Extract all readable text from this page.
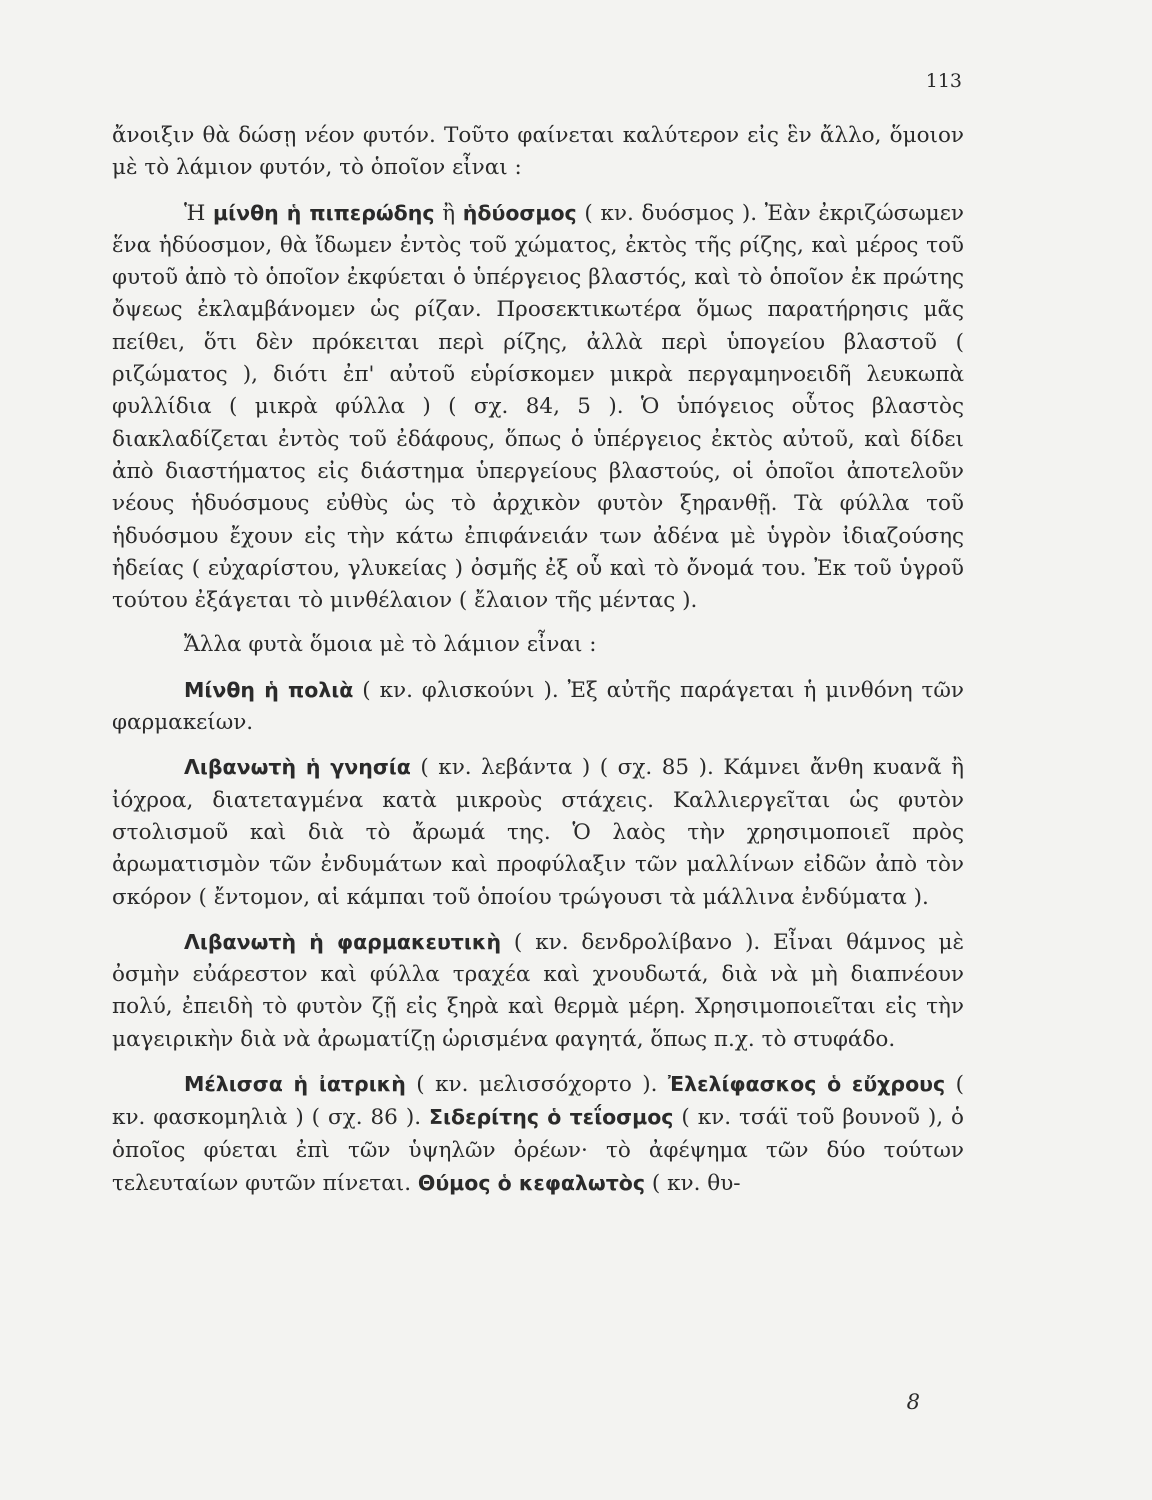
113

ἄνοιξιν θὰ δώσῃ νέον φυτόν. Τοῦτο φαίνεται καλύτερον εἰς ἓν ἄλλο, ὅμοιον μὲ τὸ λάμιον φυτόν, τὸ ὁποῖον εἶναι :

Ἡ μίνθη ἡ πιπερώδης ἢ ἡδύοσμος ( κν. δυόσμος ). Ἐὰν ἐκριζώσωμεν ἕνα ἡδύοσμον, θὰ ἴδωμεν ἐντὸς τοῦ χώματος, ἐκτὸς τῆς ρίζης, καὶ μέρος τοῦ φυτοῦ ἀπὸ τὸ ὁποῖον ἐκφύεται ὁ ὑπέργειος βλαστός, καὶ τὸ ὁποῖον ἐκ πρώτης ὄψεως ἐκλαμβάνομεν ὡς ρίζαν. Προσεκτικωτέρα ὅμως παρατήρησις μᾶς πείθει, ὅτι δὲν πρόκειται περὶ ρίζης, ἀλλὰ περὶ ὑπογείου βλαστοῦ ( ριζώματος ), διότι ἐπ' αὐτοῦ εὑρίσκομεν μικρὰ περγαμηνοειδῆ λευκωπὰ φυλλίδια ( μικρὰ φύλλα ) ( σχ. 84, 5 ). Ὁ ὑπόγειος οὗτος βλαστὸς διακλαδίζεται ἐντὸς τοῦ ἐδάφους, ὅπως ὁ ὑπέργειος ἐκτὸς αὐτοῦ, καὶ δίδει ἀπὸ διαστήματος εἰς διάστημα ὑπεργείους βλαστούς, οἱ ὁποῖοι ἀποτελοῦν νέους ἡδυόσμους εὐθὺς ὡς τὸ ἀρχικὸν φυτὸν ξηρανθῇ. Τὰ φύλλα τοῦ ἡδυόσμου ἔχουν εἰς τὴν κάτω ἐπιφάνειάν των ἀδένα μὲ ὑγρὸν ἰδιαζούσης ἡδείας ( εὐχαρίστου, γλυκείας ) ὀσμῆς ἐξ οὗ καὶ τὸ ὄνομά του. Ἐκ τοῦ ὑγροῦ τούτου ἐξάγεται τὸ μινθέλαιον ( ἔλαιον τῆς μέντας ).

Ἄλλα φυτὰ ὅμοια μὲ τὸ λάμιον εἶναι :

Μίνθη ἡ πολιὰ ( κν. φλισκούνι ). Ἐξ αὐτῆς παράγεται ἡ μινθόνη τῶν φαρμακείων.

Λιβανωτὴ ἡ γνησία ( κν. λεβάντα ) ( σχ. 85 ). Κάμνει ἄνθη κυανᾶ ἢ ἰόχροα, διατεταγμένα κατὰ μικροὺς στάχεις. Καλλιεργεῖται ὡς φυτὸν στολισμοῦ καὶ διὰ τὸ ἄρωμά της. Ὁ λαὸς τὴν χρησιμοποιεῖ πρὸς ἀρωματισμὸν τῶν ἐνδυμάτων καὶ προφύλαξιν τῶν μαλλίνων εἰδῶν ἀπὸ τὸν σκόρον ( ἔντομον, αἱ κάμπαι τοῦ ὁποίου τρώγουσι τὰ μάλλινα ἐνδύματα ).

Λιβανωτὴ ἡ φαρμακευτικὴ ( κν. δενδρολίβανο ). Εἶναι θάμνος μὲ ὀσμὴν εὐάρεστον καὶ φύλλα τραχέα καὶ χνουδωτά, διὰ νὰ μὴ διαπνέουν πολύ, ἐπειδὴ τὸ φυτὸν ζῇ εἰς ξηρὰ καὶ θερμὰ μέρη. Χρησιμοποιεῖται εἰς τὴν μαγειρικὴν διὰ νὰ ἀρωματίζῃ ὡρισμένα φαγητά, ὅπως π.χ. τὸ στυφάδο.

Μέλισσα ἡ ἰατρικὴ ( κν. μελισσόχορτο ). Ἐλελίφασκος ὁ εὔχρους ( κν. φασκομηλιὰ ) ( σχ. 86 ). Σιδερίτης ὁ τεΐοσμος ( κν. τσάϊ τοῦ βουνοῦ ), ὁ ὁποῖος φύεται ἐπὶ τῶν ὑψηλῶν ὀρέων· τὸ ἀφέψημα τῶν δύο τούτων τελευταίων φυτῶν πίνεται. Θύμος ὁ κεφαλωτὸς ( κν. θυ-

8
